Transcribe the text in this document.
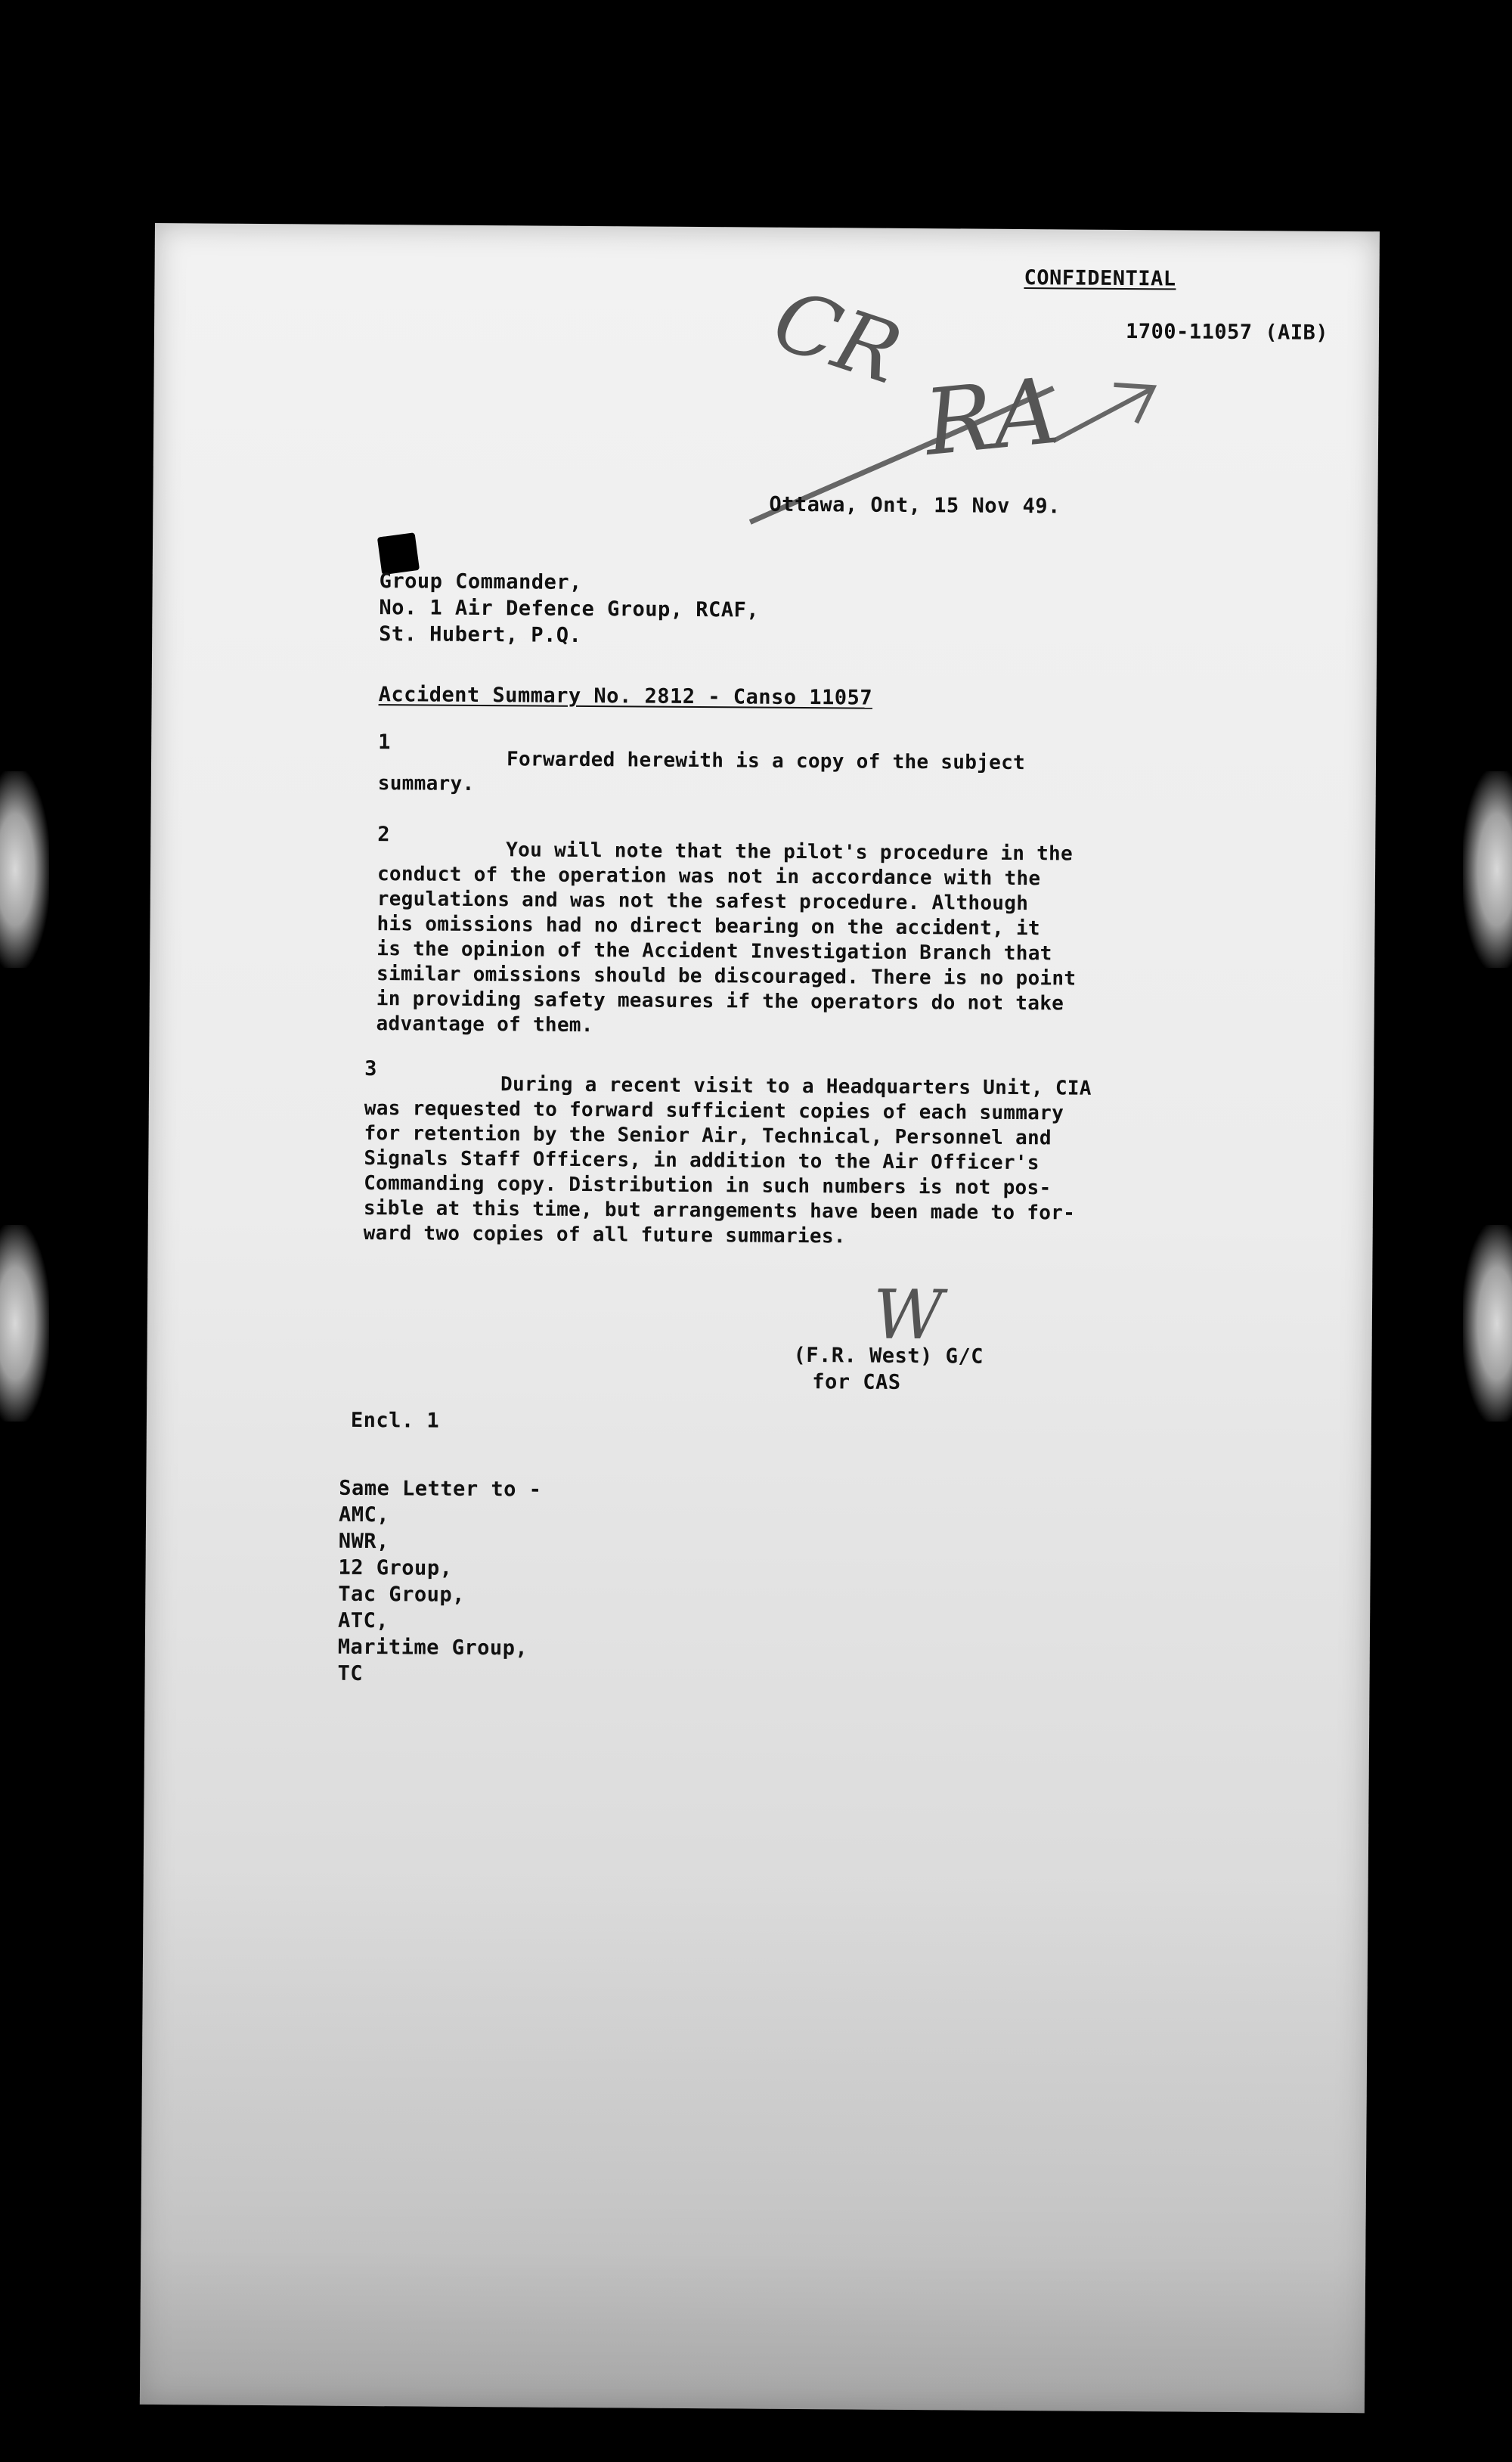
CONFIDENTIAL
1700-11057 (AIB)
CR
RA
Ottawa, Ont, 15 Nov 49.
Group Commander,
No. 1 Air Defence Group, RCAF,
St. Hubert, P.Q.
Accident Summary No. 2812 - Canso 11057
1
Forwarded herewith is a copy of the subject
summary.
2
You will note that the pilot's procedure in the
conduct of the operation was not in accordance with the
regulations and was not the safest procedure. Although
his omissions had no direct bearing on the accident, it
is the opinion of the Accident Investigation Branch that
similar omissions should be discouraged. There is no point
in providing safety measures if the operators do not take
advantage of them.
3
During a recent visit to a Headquarters Unit, CIA
was requested to forward sufficient copies of each summary
for retention by the Senior Air, Technical, Personnel and
Signals Staff Officers, in addition to the Air Officer's
Commanding copy. Distribution in such numbers is not pos-
sible at this time, but arrangements have been made to for-
ward two copies of all future summaries.
W
(F.R. West) G/C
for CAS
Encl. 1
Same Letter to -
AMC,
NWR,
12 Group,
Tac Group,
ATC,
Maritime Group,
TC
